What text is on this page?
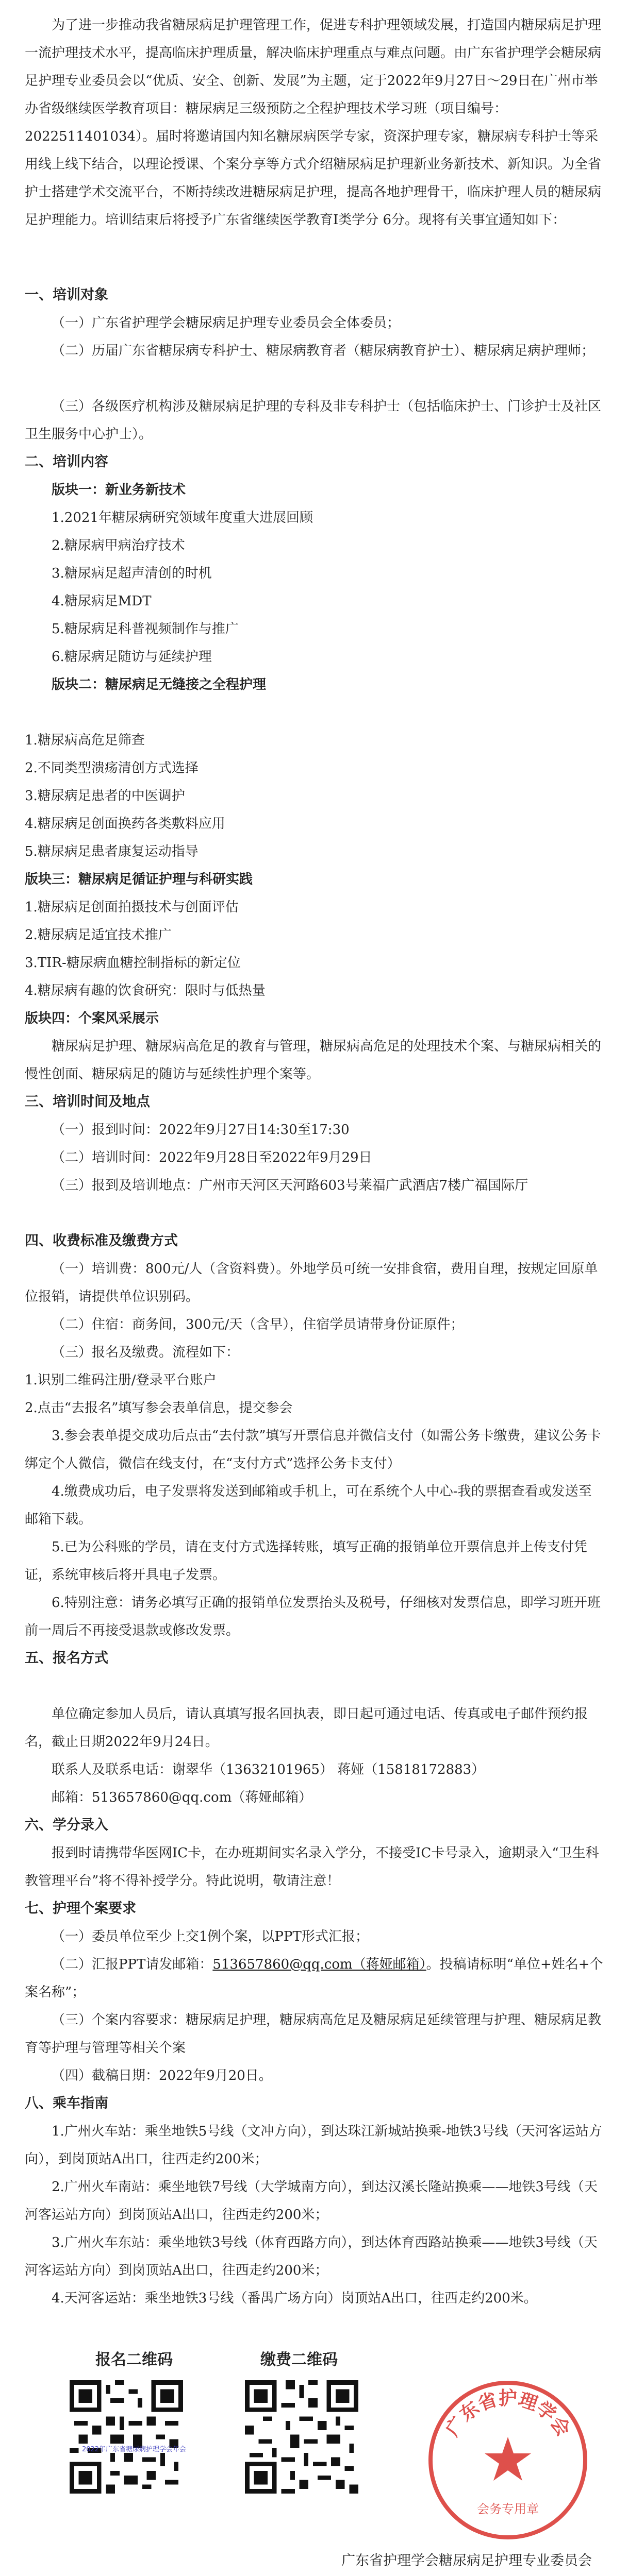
为了进一步推动我省糖尿病足护理管理工作，促进专科护理领域发展，打造国内糖尿病足护理一流护理技术水平，提高临床护理质量，解决临床护理重点与难点问题。由广东省护理学会糖尿病足护理专业委员会以“优质、安全、创新、发展”为主题，定于2022年9月27日～29日在广州市举办省级继续医学教育项目：糖尿病足三级预防之全程护理技术学习班（项目编号：2022511401034）。届时将邀请国内知名糖尿病医学专家，资深护理专家，糖尿病专科护士等采用线上线下结合，以理论授课、个案分享等方式介绍糖尿病足护理新业务新技术、新知识。为全省护士搭建学术交流平台，不断持续改进糖尿病足护理，提高各地护理骨干，临床护理人员的糖尿病足护理能力。培训结束后将授予广东省继续医学教育Ⅰ类学分 6分。现将有关事宜通知如下：

一、培训对象

（一）广东省护理学会糖尿病足护理专业委员会全体委员；

（二）历届广东省糖尿病专科护士、糖尿病教育者（糖尿病教育护士）、糖尿病足病护理师；

（三）各级医疗机构涉及糖尿病足护理的专科及非专科护士（包括临床护士、门诊护士及社区卫生服务中心护士）。

二、培训内容

版块一：新业务新技术

1.2021年糖尿病研究领域年度重大进展回顾

2.糖尿病甲病治疗技术

3.糖尿病足超声清创的时机

4.糖尿病足MDT

5.糖尿病足科普视频制作与推广

6.糖尿病足随访与延续护理

版块二：糖尿病足无缝接之全程护理

1.糖尿病高危足筛查

2.不同类型溃疡清创方式选择

3.糖尿病足患者的中医调护

4.糖尿病足创面换药各类敷料应用

5.糖尿病足患者康复运动指导

版块三：糖尿病足循证护理与科研实践

1.糖尿病足创面拍摄技术与创面评估

2.糖尿病足适宜技术推广

3.TIR-糖尿病血糖控制指标的新定位

4.糖尿病有趣的饮食研究：限时与低热量

版块四：个案风采展示

糖尿病足护理、糖尿病高危足的教育与管理，糖尿病高危足的处理技术个案、与糖尿病相关的慢性创面、糖尿病足的随访与延续性护理个案等。

三、培训时间及地点

（一）报到时间：2022年9月27日14:30至17:30

（二）培训时间：2022年9月28日至2022年9月29日

（三）报到及培训地点：广州市天河区天河路603号莱福广武酒店7楼广福国际厅

四、收费标准及缴费方式

（一）培训费：800元/人（含资料费）。外地学员可统一安排食宿，费用自理，按规定回原单位报销，请提供单位识别码。

（二）住宿：商务间，300元/天（含早），住宿学员请带身份证原件；

（三）报名及缴费。流程如下：

1.识别二维码注册/登录平台账户

2.点击“去报名”填写参会表单信息，提交参会

3.参会表单提交成功后点击“去付款”填写开票信息并微信支付（如需公务卡缴费，建议公务卡绑定个人微信，微信在线支付，在“支付方式”选择公务卡支付）

4.缴费成功后，电子发票将发送到邮箱或手机上，可在系统个人中心-我的票据查看或发送至邮箱下载。

5.已为公科账的学员，请在支付方式选择转账，填写正确的报销单位开票信息并上传支付凭证，系统审核后将开具电子发票。

6.特别注意：请务必填写正确的报销单位发票抬头及税号，仔细核对发票信息，即学习班开班前一周后不再接受退款或修改发票。

五、报名方式

单位确定参加人员后，请认真填写报名回执表，即日起可通过电话、传真或电子邮件预约报名，截止日期2022年9月24日。

联系人及联系电话：谢翠华（13632101965） 蒋娅（15818172883）

邮箱：513657860@qq.com（蒋娅邮箱）

六、学分录入

报到时请携带华医网IC卡，在办班期间实名录入学分，不接受IC卡号录入，逾期录入“卫生科教管理平台”将不得补授学分。特此说明，敬请注意！

七、护理个案要求

（一）委员单位至少上交1例个案，以PPT形式汇报；

（二）汇报PPT请发邮箱：513657860@qq.com（蒋娅邮箱）。投稿请标明“单位+姓名+个案名称”；

（三）个案内容要求：糖尿病足护理，糖尿病高危足及糖尿病足延续管理与护理、糖尿病足教育等护理与管理等相关个案

（四）截稿日期：2022年9月20日。

八、乘车指南

1.广州火车站：乘坐地铁5号线（文冲方向），到达珠江新城站换乘-地铁3号线（天河客运站方向），到岗顶站A出口，往西走约200米；

2.广州火车南站：乘坐地铁7号线（大学城南方向），到达汉溪长隆站换乘——地铁3号线（天河客运站方向）到岗顶站A出口，往西走约200米；

3.广州火车东站：乘坐地铁3号线（体育西路方向），到达体育西路站换乘——地铁3号线（天河客运站方向）到岗顶站A出口，往西走约200米；

4.天河客运站：乘坐地铁3号线（番禺广场方向）岗顶站A出口，往西走约200米。

报名二维码	缴费二维码
2022年广东省糖尿病护理学会年会
广东省护理学会
会务专用章
广东省护理学会糖尿病足护理专业委员会
